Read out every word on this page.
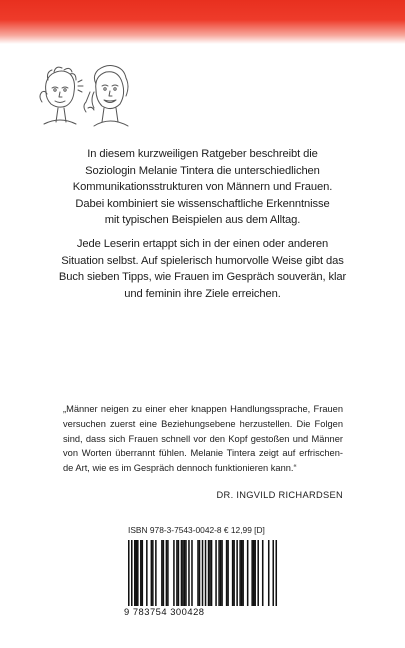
In diesem kurzweiligen Ratgeber beschreibt die
Soziologin Melanie Tintera die unterschiedlichen
Kommunikationsstrukturen von Männern und Frauen.
Dabei kombiniert sie wissenschaftliche Erkenntnisse
mit typischen Beispielen aus dem Alltag.
Jede Leserin ertappt sich in der einen oder anderen
Situation selbst. Auf spielerisch humorvolle Weise gibt das
Buch sieben Tipps, wie Frauen im Gespräch souverän, klar
und feminin ihre Ziele erreichen.
„Männer neigen zu einer eher knappen Handlungssprache, Frauen
versuchen zuerst eine Beziehungsebene herzustellen. Die Folgen
sind, dass sich Frauen schnell vor den Kopf gestoßen und Männer
von Worten überrannt fühlen. Melanie Tintera zeigt auf erfrischen-
de Art, wie es im Gespräch dennoch funktionieren kann.“
DR. INGVILD RICHARDSEN
ISBN 978-3-7543-0042-8 € 12,99 [D]
9 783754 300428
